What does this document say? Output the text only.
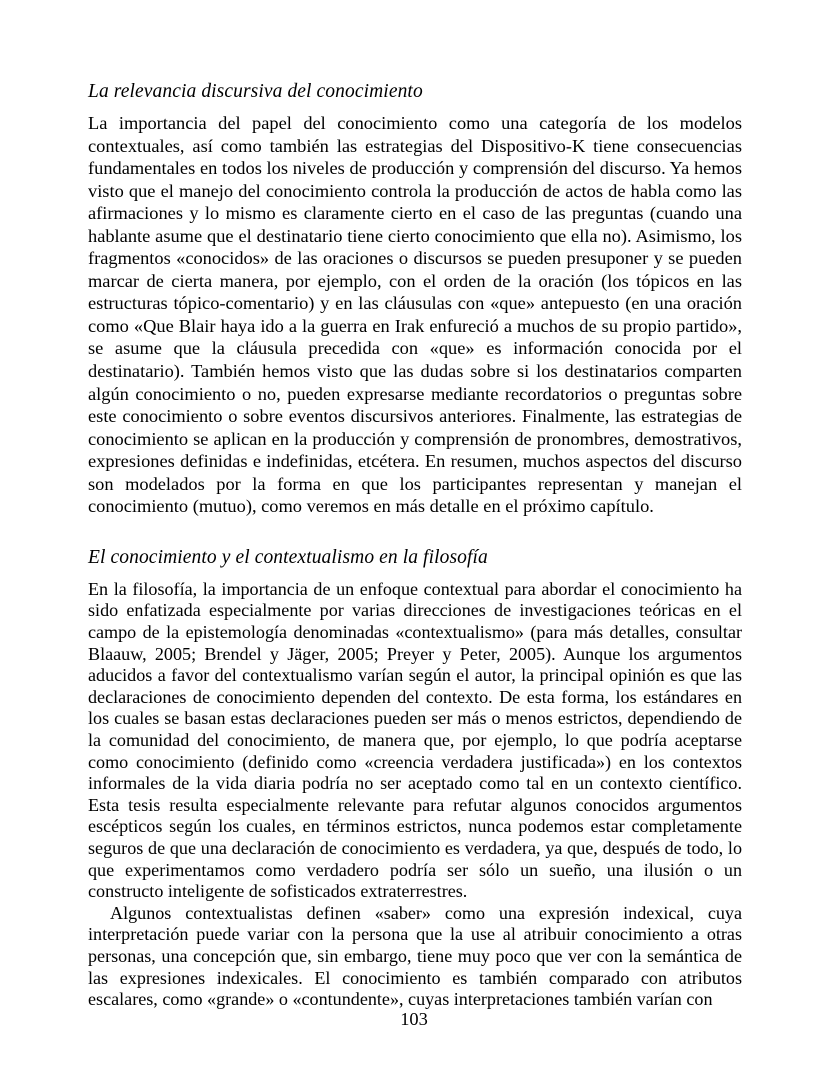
La relevancia discursiva del conocimiento

La importancia del papel del conocimiento como una categoría de los modelos contextuales, así como también las estrategias del Dispositivo-K tiene consecuencias fundamentales en todos los niveles de producción y comprensión del discurso. Ya hemos visto que el manejo del conocimiento controla la producción de actos de habla como las afirmaciones y lo mismo es claramente cierto en el caso de las preguntas (cuando una hablante asume que el destinatario tiene cierto conocimiento que ella no). Asimismo, los fragmentos «conocidos» de las oraciones o discursos se pueden presuponer y se pueden marcar de cierta manera, por ejemplo, con el orden de la oración (los tópicos en las estructuras tópico-comentario) y en las cláusulas con «que» antepuesto (en una oración como «Que Blair haya ido a la guerra en Irak enfureció a muchos de su propio partido», se asume que la cláusula precedida con «que» es información conocida por el destinatario). También hemos visto que las dudas sobre si los destinatarios comparten algún conocimiento o no, pueden expresarse mediante recordatorios o preguntas sobre este conocimiento o sobre eventos discursivos anteriores. Finalmente, las estrategias de conocimiento se aplican en la producción y comprensión de pronombres, demostrativos, expresiones definidas e indefinidas, etcétera. En resumen, muchos aspectos del discurso son modelados por la forma en que los participantes representan y manejan el conocimiento (mutuo), como veremos en más detalle en el próximo capítulo.

El conocimiento y el contextualismo en la filosofía

En la filosofía, la importancia de un enfoque contextual para abordar el conocimiento ha sido enfatizada especialmente por varias direcciones de investigaciones teóricas en el campo de la epistemología denominadas «contextualismo» (para más detalles, consultar Blaauw, 2005; Brendel y Jäger, 2005; Preyer y Peter, 2005). Aunque los argumentos aducidos a favor del contextualismo varían según el autor, la principal opinión es que las declaraciones de conocimiento dependen del contexto. De esta forma, los estándares en los cuales se basan estas declaraciones pueden ser más o menos estrictos, dependiendo de la comunidad del conocimiento, de manera que, por ejemplo, lo que podría aceptarse como conocimiento (definido como «creencia verdadera justificada») en los contextos informales de la vida diaria podría no ser aceptado como tal en un contexto científico. Esta tesis resulta especialmente relevante para refutar algunos conocidos argumentos escépticos según los cuales, en términos estrictos, nunca podemos estar completamente seguros de que una declaración de conocimiento es verdadera, ya que, después de todo, lo que experimentamos como verdadero podría ser sólo un sueño, una ilusión o un constructo inteligente de sofisticados extraterrestres.

Algunos contextualistas definen «saber» como una expresión indexical, cuya interpretación puede variar con la persona que la use al atribuir conocimiento a otras personas, una concepción que, sin embargo, tiene muy poco que ver con la semántica de las expresiones indexicales. El conocimiento es también comparado con atributos escalares, como «grande» o «contundente», cuyas interpretaciones también varían con

103
